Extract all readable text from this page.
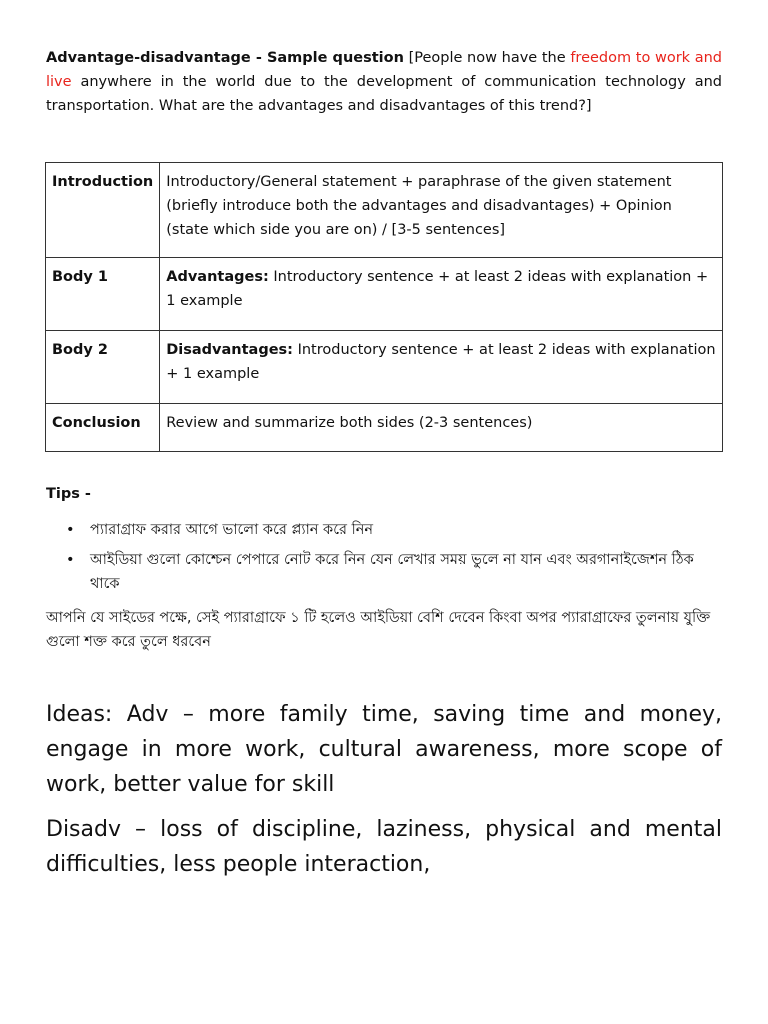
Advantage-disadvantage - Sample question [People now have the freedom to work and live anywhere in the world due to the development of communication technology and transportation. What are the advantages and disadvantages of this trend?]
Introduction	Introductory/General statement + paraphrase of the given statement (briefly introduce both the advantages and disadvantages) + Opinion (state which side you are on) / [3-5 sentences]
Body 1	Advantages: Introductory sentence + at least 2 ideas with explanation + 1 example
Body 2	Disadvantages: Introductory sentence + at least 2 ideas with explanation + 1 example
Conclusion	Review and summarize both sides (2-3 sentences)
Tips -
• প্যারাগ্রাফ করার আগে ভালো করে প্ল্যান করে নিন
• আইডিয়া গুলো কোশ্চেন পেপারে নোট করে নিন যেন লেখার সময় ভুলে না যান এবং অরগানাইজেশন ঠিক থাকে
আপনি যে সাইডের পক্ষে, সেই প্যারাগ্রাফে ১ টি হলেও আইডিয়া বেশি দেবেন কিংবা অপর প্যারাগ্রাফের তুলনায় যুক্তি গুলো শক্ত করে তুলে ধরবেন

Ideas: Adv – more family time, saving time and money, engage in more work, cultural awareness, more scope of work, better value for skill

Disadv – loss of discipline, laziness, physical and mental difficulties, less people interaction,
